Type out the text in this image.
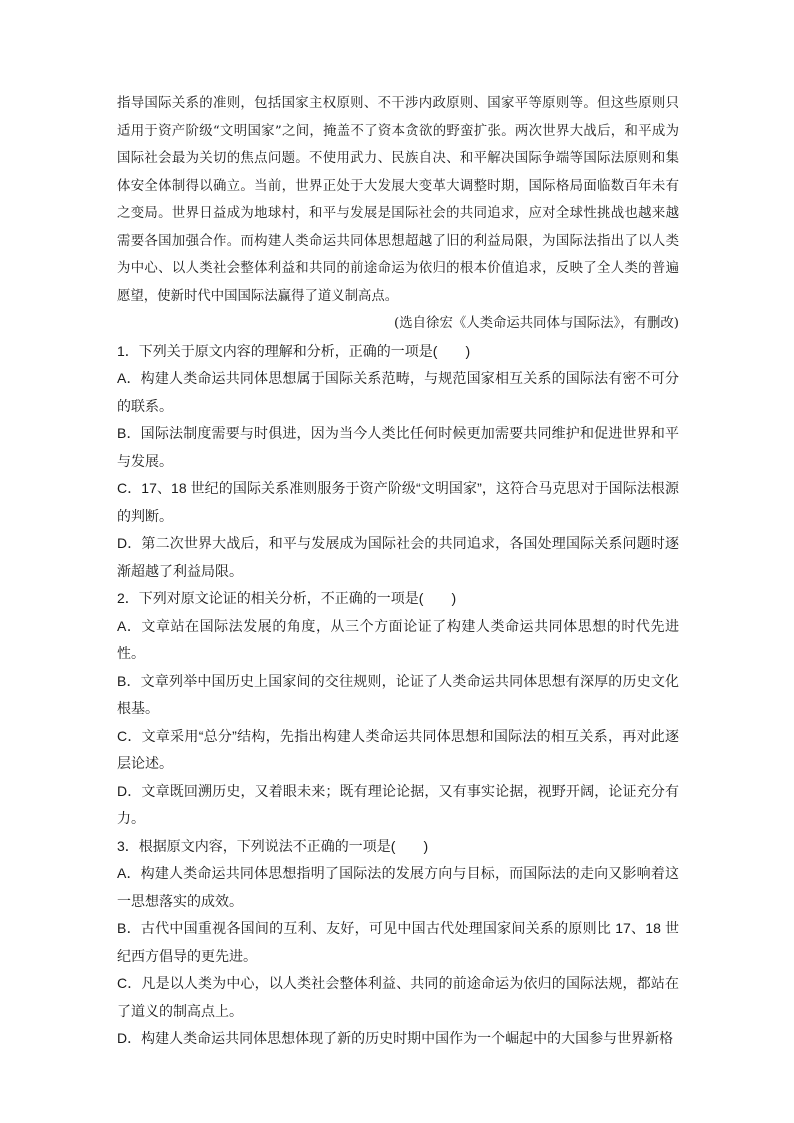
指导国际关系的准则，包括国家主权原则、不干涉内政原则、国家平等原则等。但这些原则只适用于资产阶级“文明国家”之间，掩盖不了资本贪欲的野蛮扩张。两次世界大战后，和平成为国际社会最为关切的焦点问题。不使用武力、民族自决、和平解决国际争端等国际法原则和集体安全体制得以确立。当前，世界正处于大发展大变革大调整时期，国际格局面临数百年未有之变局。世界日益成为地球村，和平与发展是国际社会的共同追求，应对全球性挑战也越来越需要各国加强合作。而构建人类命运共同体思想超越了旧的利益局限，为国际法指出了以人类为中心、以人类社会整体利益和共同的前途命运为依归的根本价值追求，反映了全人类的普遍愿望，使新时代中国国际法赢得了道义制高点。

(选自徐宏《人类命运共同体与国际法》，有删改)

1．下列关于原文内容的理解和分析，正确的一项是(　　)

A．构建人类命运共同体思想属于国际关系范畴，与规范国家相互关系的国际法有密不可分的联系。

B．国际法制度需要与时俱进，因为当今人类比任何时候更加需要共同维护和促进世界和平与发展。

C．17、18 世纪的国际关系准则服务于资产阶级“文明国家”，这符合马克思对于国际法根源的判断。

D．第二次世界大战后，和平与发展成为国际社会的共同追求，各国处理国际关系问题时逐渐超越了利益局限。

2．下列对原文论证的相关分析，不正确的一项是(　　)

A．文章站在国际法发展的角度，从三个方面论证了构建人类命运共同体思想的时代先进性。

B．文章列举中国历史上国家间的交往规则，论证了人类命运共同体思想有深厚的历史文化根基。

C．文章采用“总分”结构，先指出构建人类命运共同体思想和国际法的相互关系，再对此逐层论述。

D．文章既回溯历史，又着眼未来；既有理论论据，又有事实论据，视野开阔，论证充分有力。

3．根据原文内容，下列说法不正确的一项是(　　)

A．构建人类命运共同体思想指明了国际法的发展方向与目标，而国际法的走向又影响着这一思想落实的成效。

B．古代中国重视各国间的互利、友好，可见中国古代处理国家间关系的原则比 17、18 世纪西方倡导的更先进。

C．凡是以人类为中心，以人类社会整体利益、共同的前途命运为依归的国际法规，都站在了道义的制高点上。

D．构建人类命运共同体思想体现了新的历史时期中国作为一个崛起中的大国参与世界新格
